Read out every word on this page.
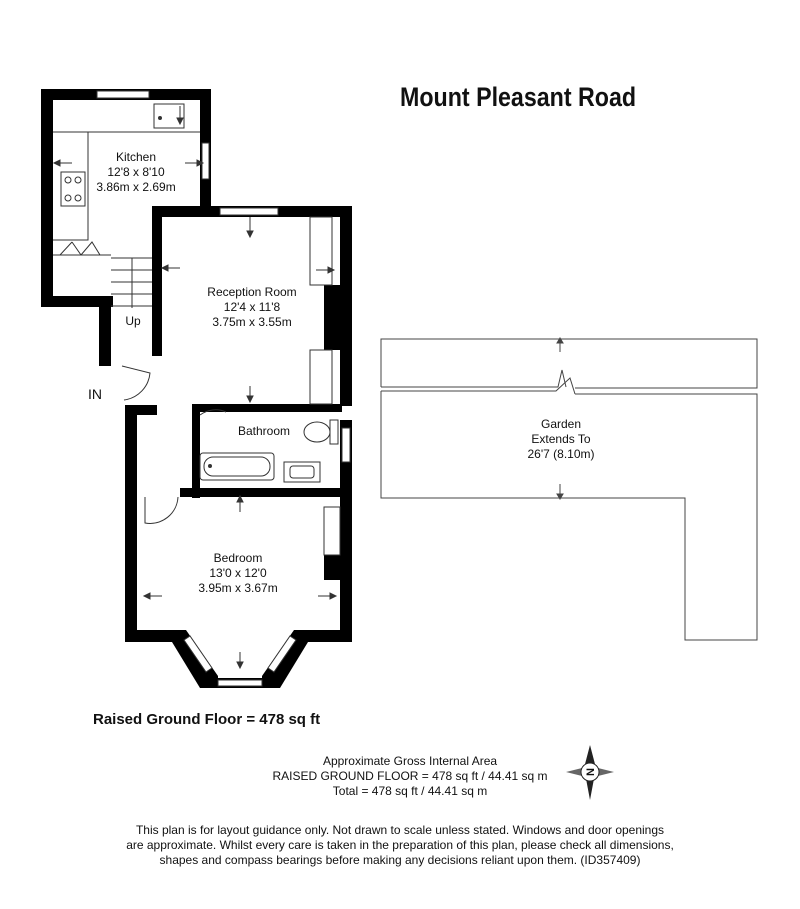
N
Kitchen
12'8 x 8'10
3.86m x 2.69m
Reception Room
12'4 x 11'8
3.75m x 3.55m
Up
IN
Bathroom
Bedroom
13'0 x 12'0
3.95m x 3.67m
Garden
Extends To
26'7 (8.10m)
Mount Pleasant Road
Raised Ground Floor = 478 sq ft
Approximate Gross Internal Area
RAISED GROUND FLOOR = 478 sq ft / 44.41 sq m
Total = 478 sq ft / 44.41 sq m
This plan is for layout guidance only. Not drawn to scale unless stated. Windows and door openings
are approximate. Whilst every care is taken in the preparation of this plan, please check all dimensions,
shapes and compass bearings before making any decisions reliant upon them. (ID357409)
